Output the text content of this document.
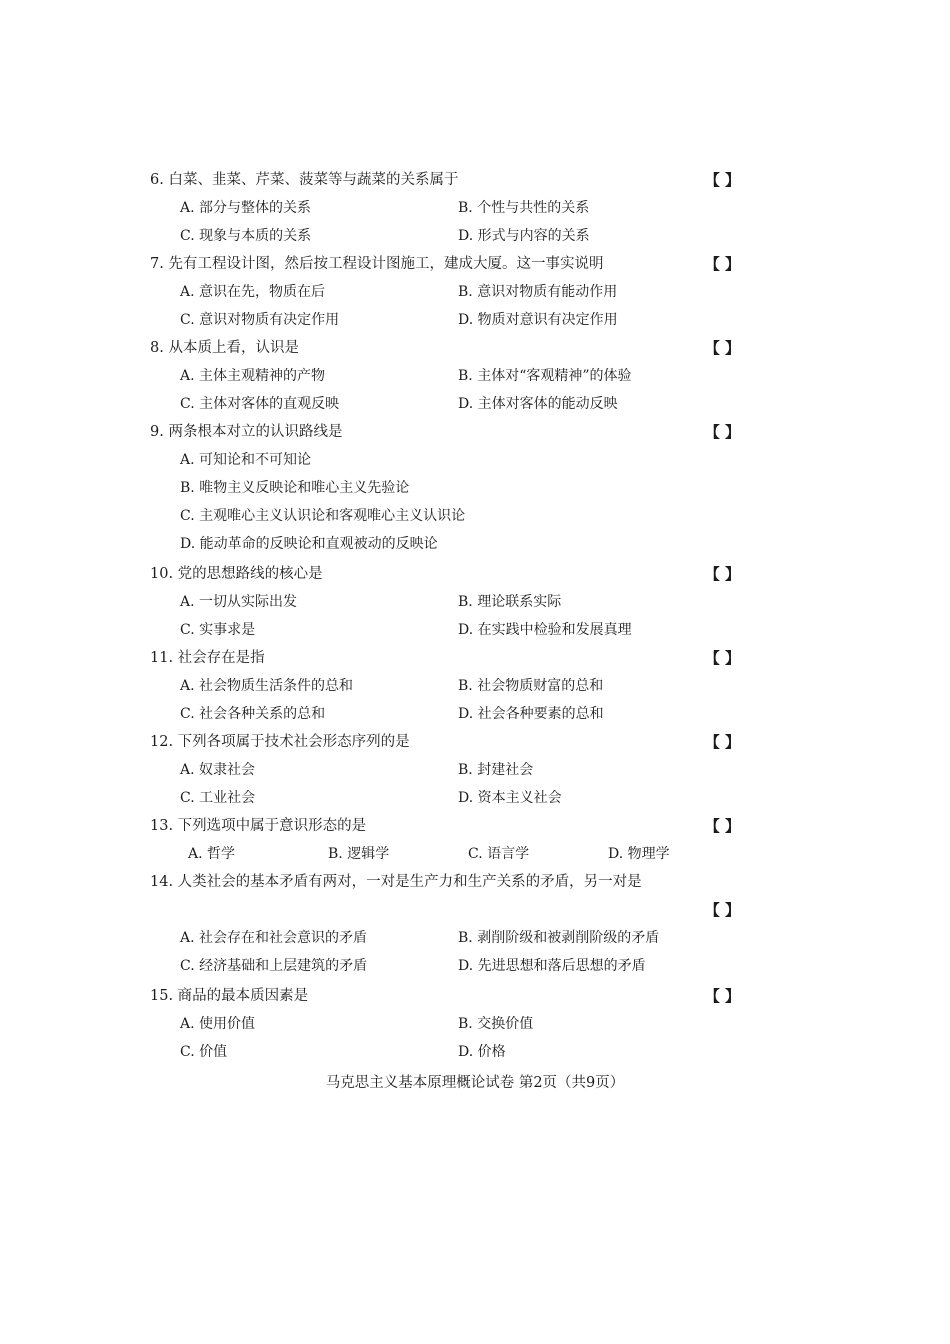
6. 白菜、韭菜、芹菜、菠菜等与蔬菜的关系属于	【 】
A. 部分与整体的关系	B. 个性与共性的关系
C. 现象与本质的关系	D. 形式与内容的关系
7. 先有工程设计图，然后按工程设计图施工，建成大厦。这一事实说明	【 】
A. 意识在先，物质在后	B. 意识对物质有能动作用
C. 意识对物质有决定作用	D. 物质对意识有决定作用
8. 从本质上看，认识是	【 】
A. 主体主观精神的产物	B. 主体对“客观精神”的体验
C. 主体对客体的直观反映	D. 主体对客体的能动反映
9. 两条根本对立的认识路线是	【 】
A. 可知论和不可知论
B. 唯物主义反映论和唯心主义先验论
C. 主观唯心主义认识论和客观唯心主义认识论
D. 能动革命的反映论和直观被动的反映论
10. 党的思想路线的核心是	【 】
A. 一切从实际出发	B. 理论联系实际
C. 实事求是	D. 在实践中检验和发展真理
11. 社会存在是指	【 】
A. 社会物质生活条件的总和	B. 社会物质财富的总和
C. 社会各种关系的总和	D. 社会各种要素的总和
12. 下列各项属于技术社会形态序列的是	【 】
A. 奴隶社会	B. 封建社会
C. 工业社会	D. 资本主义社会
13. 下列选项中属于意识形态的是	【 】
A. 哲学	B. 逻辑学	C. 语言学	D. 物理学
14. 人类社会的基本矛盾有两对，一对是生产力和生产关系的矛盾，另一对是
【 】
A. 社会存在和社会意识的矛盾	B. 剥削阶级和被剥削阶级的矛盾
C. 经济基础和上层建筑的矛盾	D. 先进思想和落后思想的矛盾
15. 商品的最本质因素是	【 】
A. 使用价值	B. 交换价值
C. 价值	D. 价格
马克思主义基本原理概论试卷 第2页（共9页）
